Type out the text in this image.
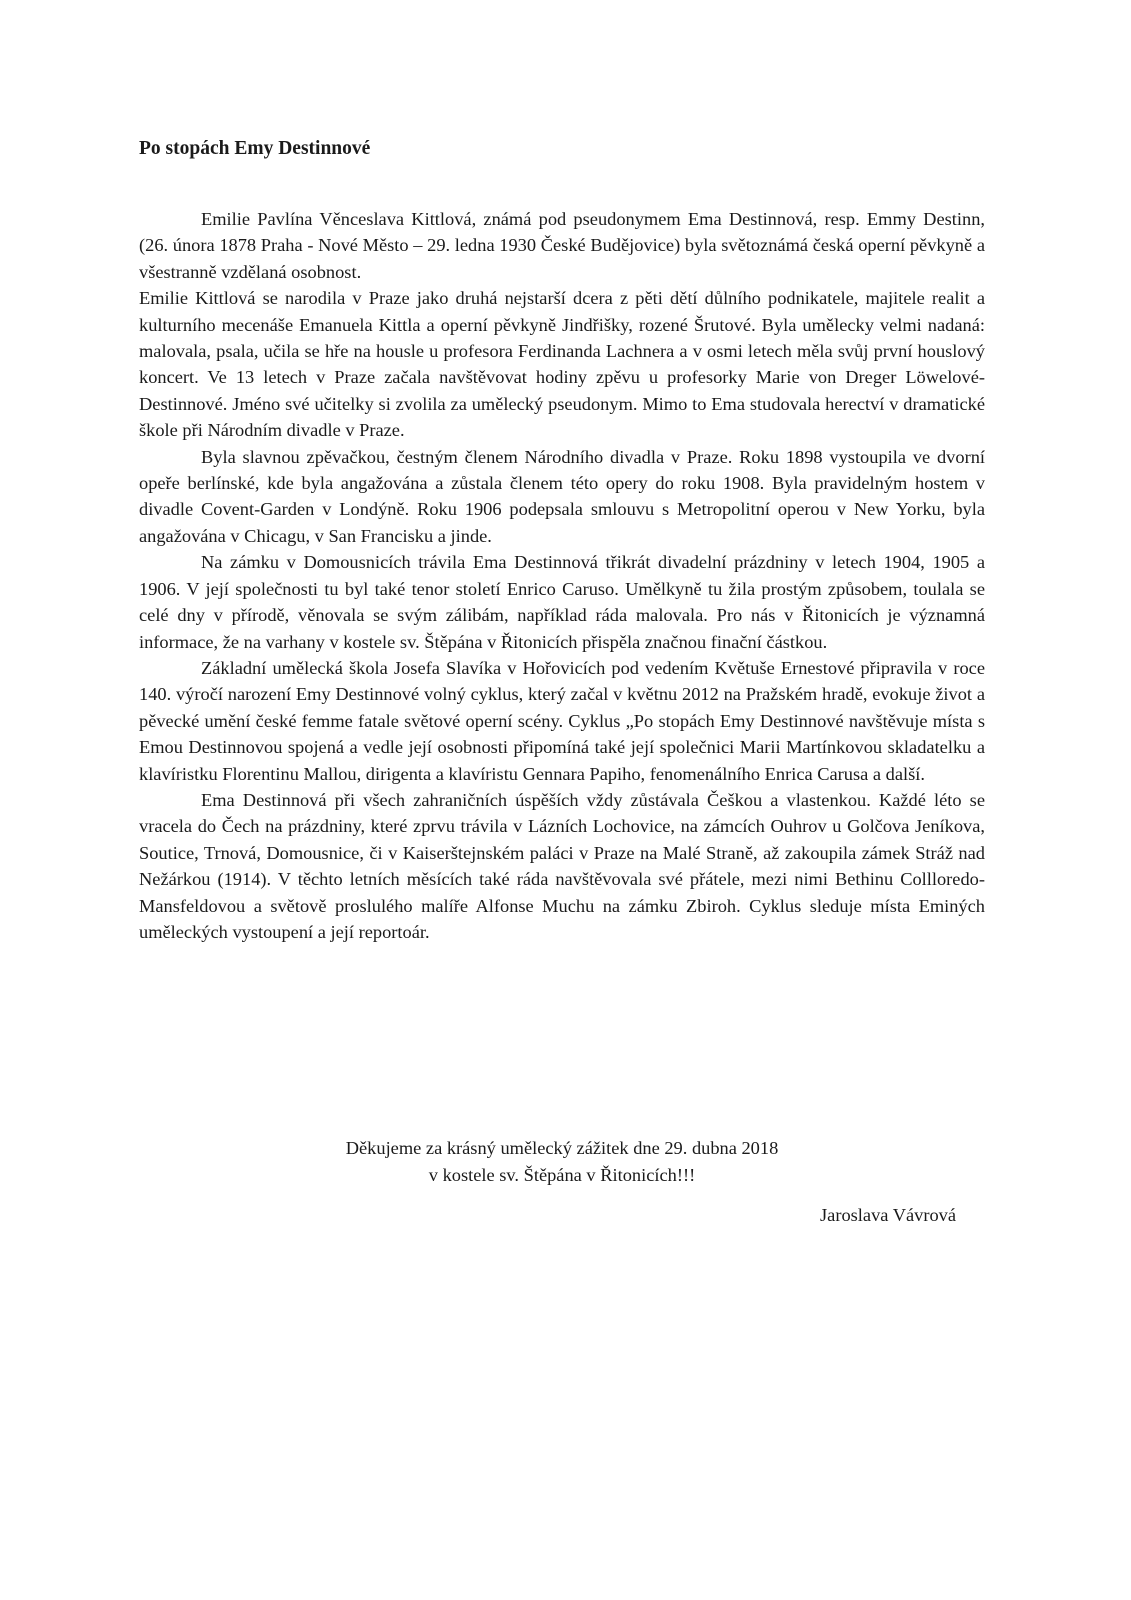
Po stopách Emy Destinnové

Emilie Pavlína Věnceslava Kittlová, známá pod pseudonymem Ema Destinnová, resp. Emmy Destinn, (26. února 1878 Praha - Nové Město – 29. ledna 1930 České Budějovice) byla světoznámá česká operní pěvkyně a všestranně vzdělaná osobnost.

Emilie Kittlová se narodila v Praze jako druhá nejstarší dcera z pěti dětí důlního podnikatele, majitele realit a kulturního mecenáše Emanuela Kittla a operní pěvkyně Jindřišky, rozené Šrutové. Byla umělecky velmi nadaná: malovala, psala, učila se hře na housle u profesora Ferdinanda Lachnera a v osmi letech měla svůj první houslový koncert. Ve 13 letech v Praze začala navštěvovat hodiny zpěvu u profesorky Marie von Dreger Löwelové-Destinnové. Jméno své učitelky si zvolila za umělecký pseudonym. Mimo to Ema studovala herectví v dramatické škole při Národním divadle v Praze.

Byla slavnou zpěvačkou, čestným členem Národního divadla v Praze. Roku 1898 vystoupila ve dvorní opeře berlínské, kde byla angažována a zůstala členem této opery do roku 1908. Byla pravidelným hostem v divadle Covent-Garden v Londýně. Roku 1906 podepsala smlouvu s Metropolitní operou v New Yorku, byla angažována v Chicagu, v San Francisku a jinde.

Na zámku v Domousnicích trávila Ema Destinnová třikrát divadelní prázdniny v letech 1904, 1905 a 1906. V její společnosti tu byl také tenor století Enrico Caruso. Umělkyně tu žila prostým způsobem, toulala se celé dny v přírodě, věnovala se svým zálibám, například ráda malovala. Pro nás v Řitonicích je významná informace, že na varhany v kostele sv. Štěpána v Řitonicích přispěla značnou finační částkou.

Základní umělecká škola Josefa Slavíka v Hořovicích pod vedením Květuše Ernestové připravila v roce 140. výročí narození Emy Destinnové volný cyklus, který začal v květnu 2012 na Pražském hradě, evokuje život a pěvecké umění české femme fatale světové operní scény. Cyklus „Po stopách Emy Destinnové navštěvuje místa s Emou Destinnovou spojená a vedle její osobnosti připomíná také její společnici Marii Martínkovou skladatelku a klavíristku Florentinu Mallou, dirigenta a klavíristu Gennara Papiho, fenomenálního Enrica Carusa a další.

Ema Destinnová při všech zahraničních úspěších vždy zůstávala Češkou a vlastenkou. Každé léto se vracela do Čech na prázdniny, které zprvu trávila v Lázních Lochovice, na zámcích Ouhrov u Golčova Jeníkova, Soutice, Trnová, Domousnice, či v Kaiserštejnském paláci v Praze na Malé Straně, až zakoupila zámek Stráž nad Nežárkou (1914). V těchto letních měsících také ráda navštěvovala své přátele, mezi nimi Bethinu Collloredo-Mansfeldovou a světově proslulého malíře Alfonse Muchu na zámku Zbiroh. Cyklus sleduje místa Eminých uměleckých vystoupení a její reportoár.

Děkujeme za krásný umělecký zážitek dne 29. dubna 2018
v kostele sv. Štěpána v Řitonicích!!!
Jaroslava Vávrová
